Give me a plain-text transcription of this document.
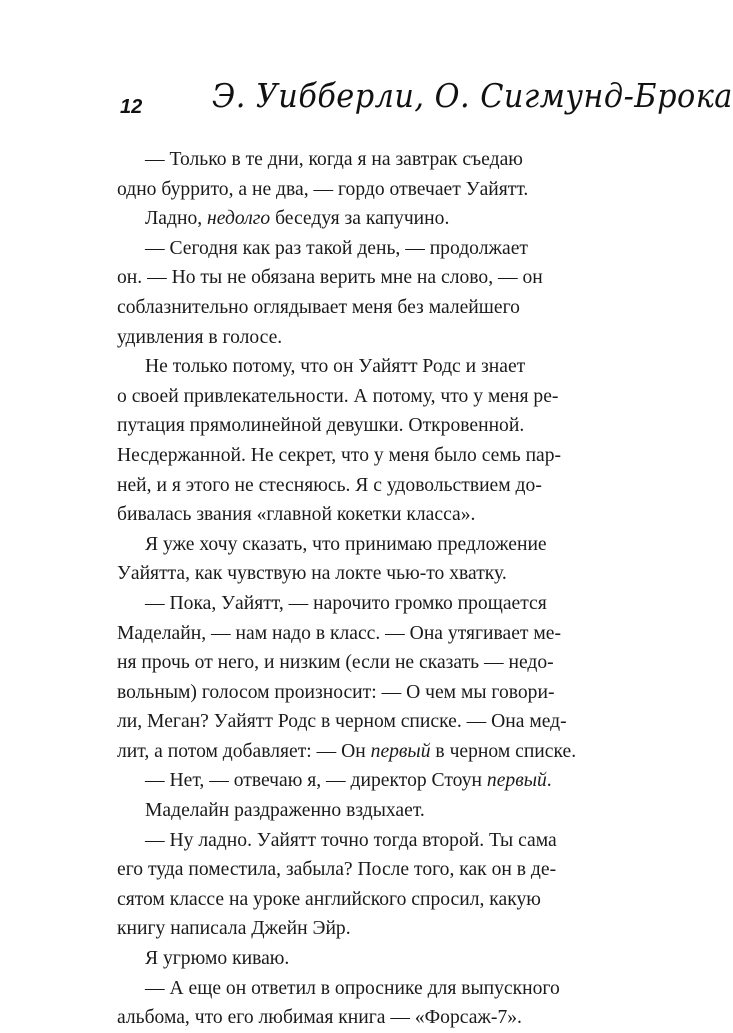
12 Э. Уибберли, О. Сигмунд-Брока
— Только в те дни, когда я на завтрак съедаю
одно буррито, а не два, — гордо отвечает Уайятт.
Ладно, недолго беседуя за капучино.
— Сегодня как раз такой день, — продолжает
он. — Но ты не обязана верить мне на слово, — он
соблазнительно оглядывает меня без малейшего
удивления в голосе.
Не только потому, что он Уайятт Родс и знает
о своей привлекательности. А потому, что у меня ре-
путация прямолинейной девушки. Откровенной.
Несдержанной. Не секрет, что у меня было семь пар-
ней, и я этого не стесняюсь. Я с удовольствием до-
бивалась звания «главной кокетки класса».
Я уже хочу сказать, что принимаю предложение
Уайятта, как чувствую на локте чью-то хватку.
— Пока, Уайятт, — нарочито громко прощается
Маделайн, — нам надо в класс. — Она утягивает ме-
ня прочь от него, и низким (если не сказать — недо-
вольным) голосом произносит: — О чем мы говори-
ли, Меган? Уайятт Родс в черном списке. — Она мед-
лит, а потом добавляет: — Он первый в черном списке.
— Нет, — отвечаю я, — директор Стоун первый.
Маделайн раздраженно вздыхает.
— Ну ладно. Уайятт точно тогда второй. Ты сама
его туда поместила, забыла? После того, как он в де-
сятом классе на уроке английского спросил, какую
книгу написала Джейн Эйр.
Я угрюмо киваю.
— А еще он ответил в опроснике для выпускного
альбома, что его любимая книга — «Форсаж-7».
